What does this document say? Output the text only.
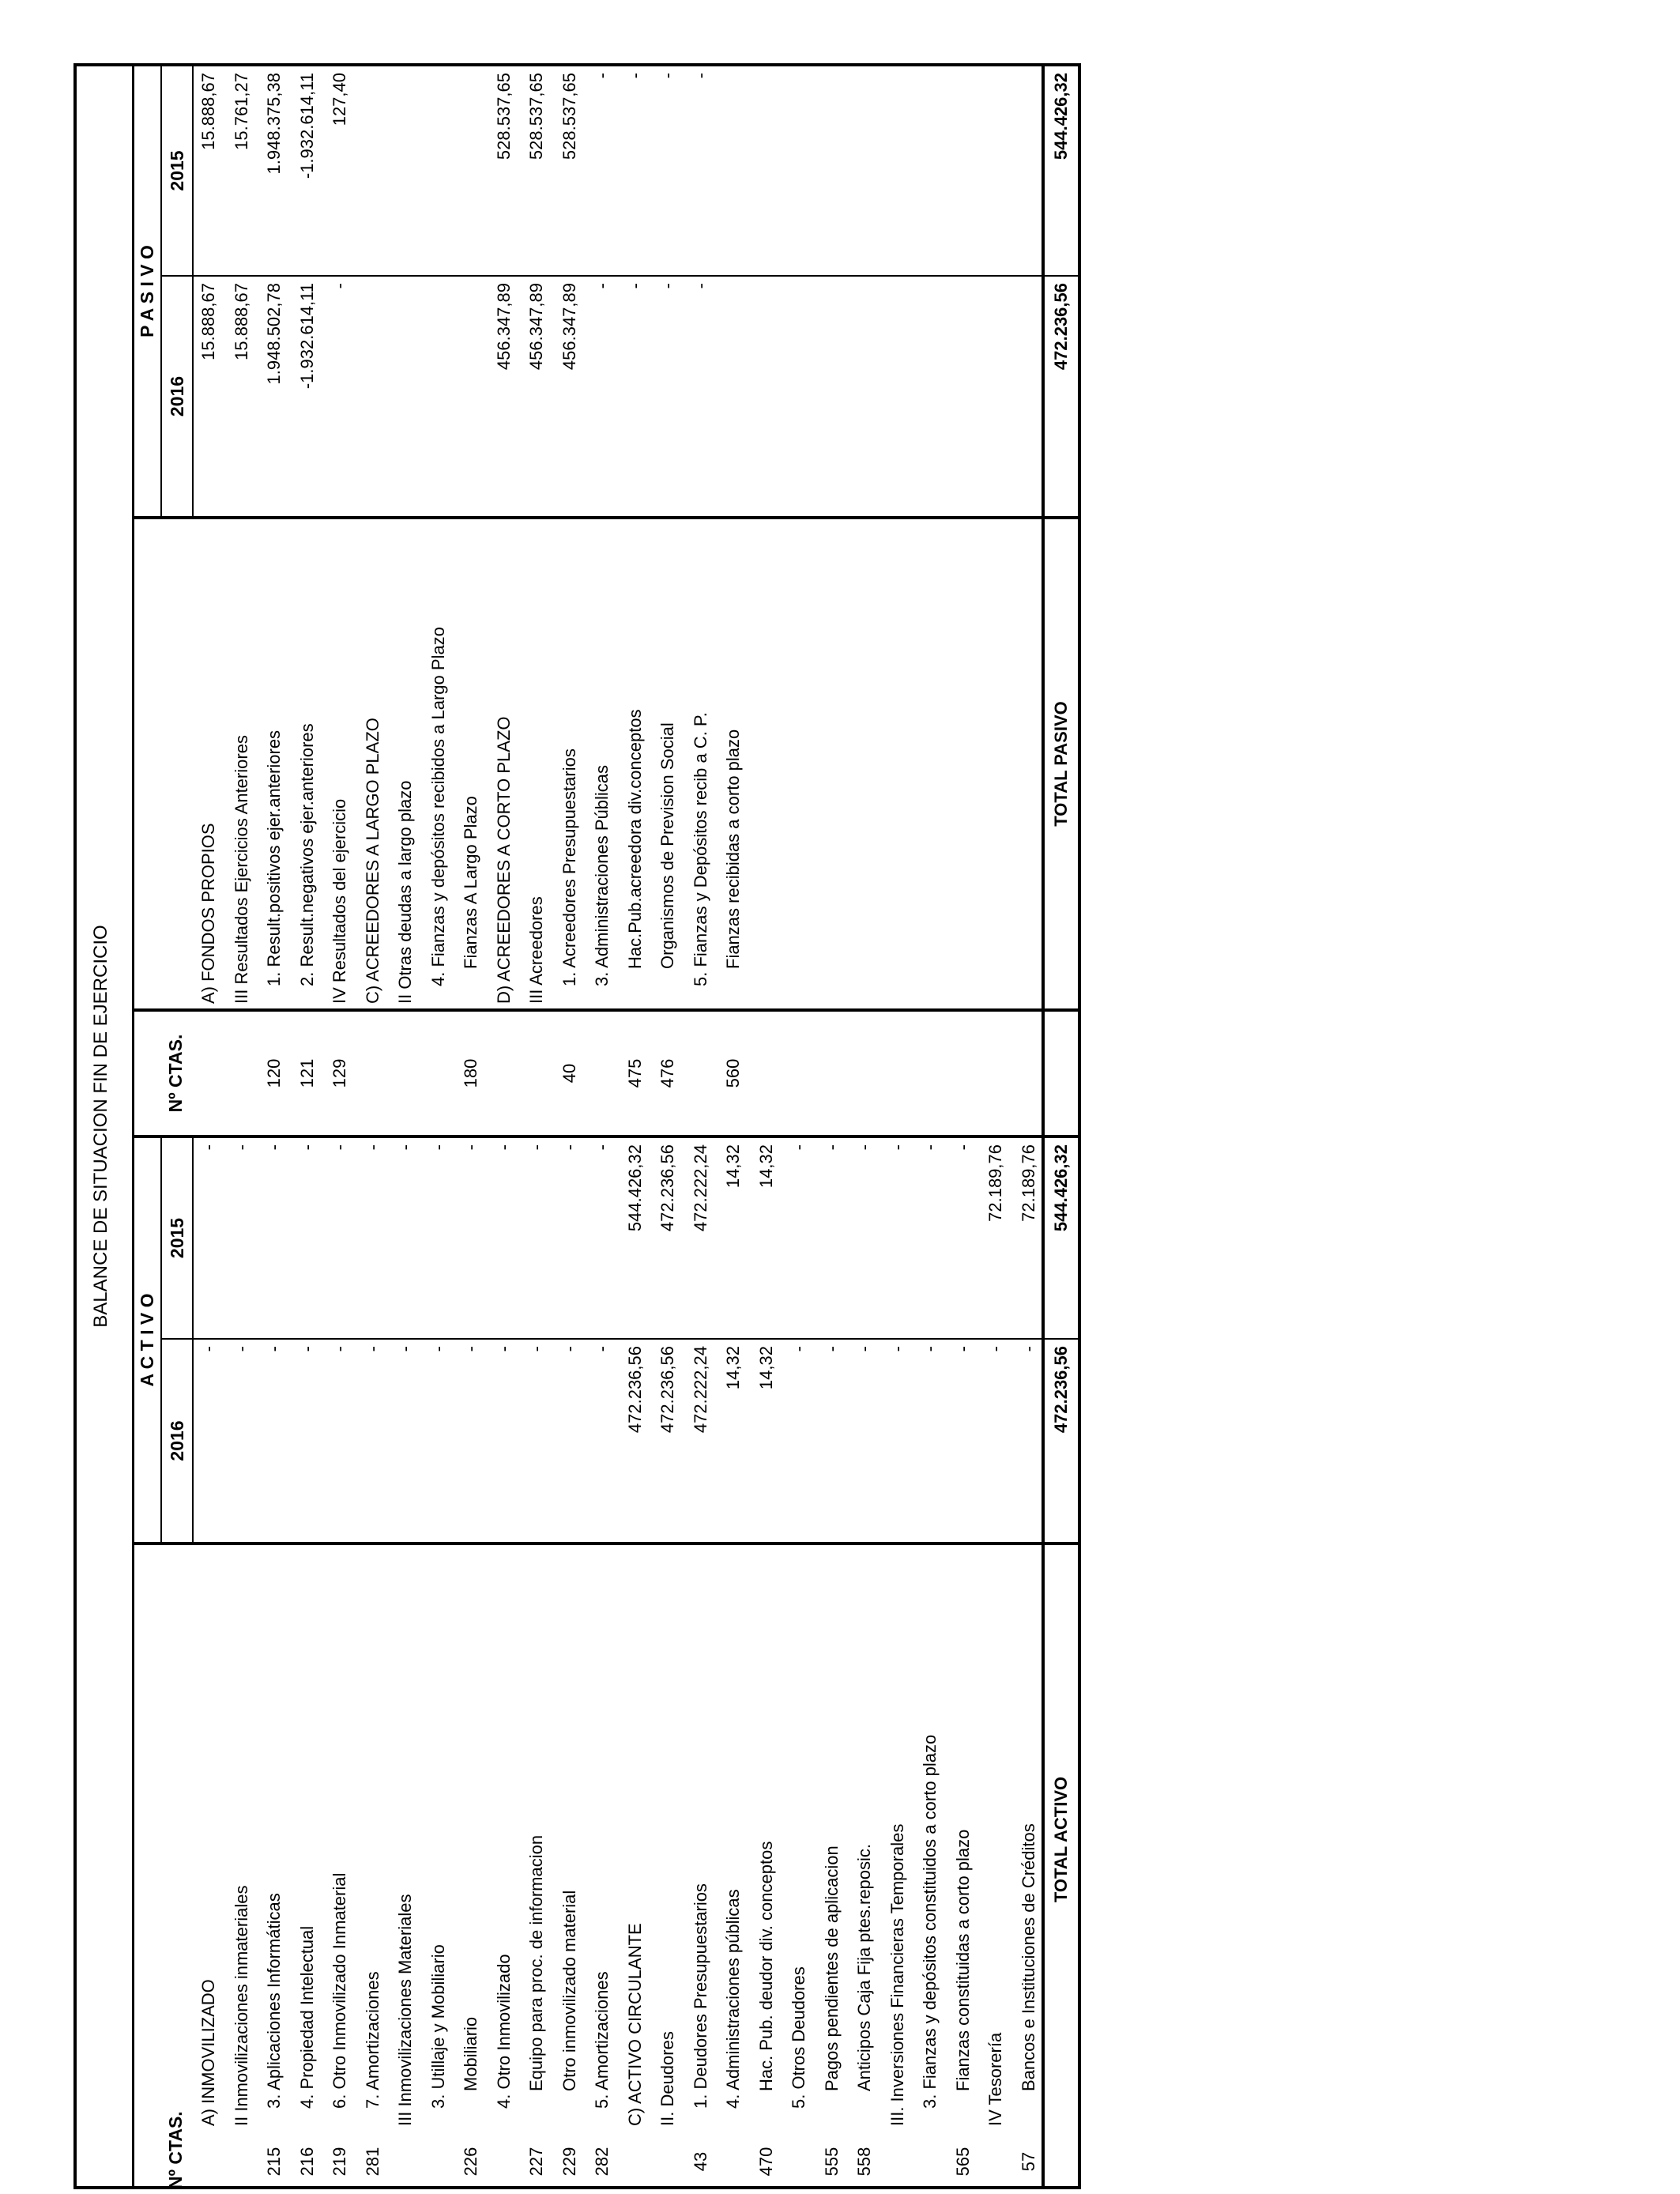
BALANCE DE SITUACION FIN DE EJERCICIO
Nº CTAS.
A C T I V O
2016
2015
Nº CTAS.
P A S I V O
2016
2015
A) INMOVILIZADO
-
-
II Inmovilizaciones inmateriales
-
-
215
3. Aplicaciones Informáticas
-
-
216
4. Propiedad Intelectual
-
-
219
6. Otro Inmovilizado Inmaterial
-
-
281
7. Amortizaciones
-
-
III Inmovilizaciones Materiales
-
-
3. Utillaje y Mobiliario
-
-
226
Mobiliario
-
-
4. Otro Inmovilizado
-
-
227
Equipo para proc. de informacion
-
-
229
Otro inmovilizado material
-
-
282
5. Amortizaciones
-
-
C) ACTIVO CIRCULANTE
472.236,56
544.426,32
II. Deudores
472.236,56
472.236,56
43
1. Deudores Presupuestarios
472.222,24
472.222,24
4. Administraciones públicas
14,32
14,32
470
Hac. Pub. deudor div. conceptos
14,32
14,32
5. Otros Deudores
-
-
555
Pagos pendientes de aplicacion
-
-
558
Anticipos Caja Fija ptes.reposic.
-
-
III. Inversiones Financieras Temporales
-
-
3. Fianzas y depósitos constituidos a corto plazo
-
-
565
Fianzas constituidas a corto plazo
-
-
IV Tesorería
-
72.189,76
57
Bancos e Instituciones de Créditos
-
72.189,76
A) FONDOS PROPIOS
15.888,67
15.888,67
III Resultados Ejercicios Anteriores
15.888,67
15.761,27
120
1. Result.positivos ejer.anteriores
1.948.502,78
1.948.375,38
121
2. Result.negativos ejer.anteriores
-1.932.614,11
-1.932.614,11
129
IV Resultados del ejercicio
-
127,40
C) ACREEDORES A LARGO PLAZO II Otras deudas a largo plazo 4. Fianzas y depósitos recibidos a Largo Plazo
180
Fianzas A Largo Plazo D) ACREEDORES A CORTO PLAZO
456.347,89
528.537,65
III Acreedores
456.347,89
528.537,65
40
1. Acreedores Presupuestarios
456.347,89
528.537,65
3. Administraciones Públicas
-
-
475
Hac.Pub.acreedora div.conceptos
-
-
476
Organismos de Prevision Social
-
-
5. Fianzas y Depósitos recib a C. P.
-
-
560
Fianzas recibidas a corto plazo
TOTAL ACTIVO
472.236,56
544.426,32
TOTAL PASIVO
472.236,56
544.426,32
